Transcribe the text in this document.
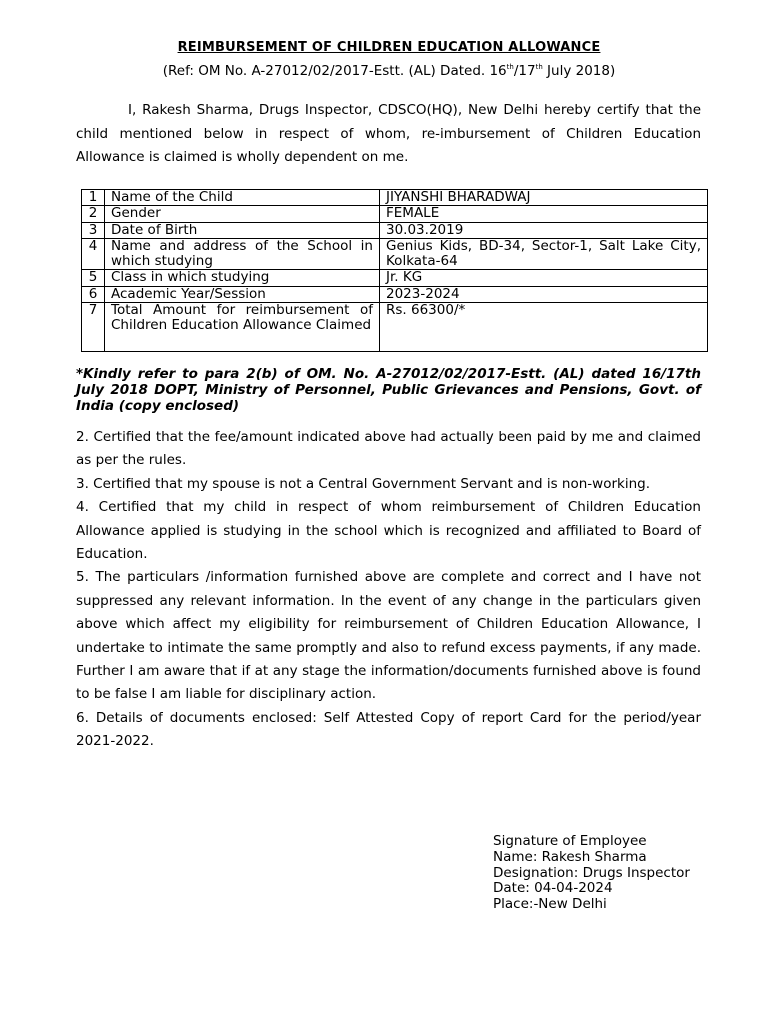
REIMBURSEMENT OF CHILDREN EDUCATION ALLOWANCE
(Ref: OM No. A-27012/02/2017-Estt. (AL) Dated. 16th/17th July 2018)

I, Rakesh Sharma, Drugs Inspector, CDSCO(HQ), New Delhi hereby certify that the child mentioned below in respect of whom, re-imbursement of Children Education Allowance is claimed is wholly dependent on me.

1	Name of the Child	JIYANSHI BHARADWAJ
2	Gender	FEMALE
3	Date of Birth	30.03.2019
4	Name and address of the School in which studying	Genius Kids, BD-34, Sector-1, Salt Lake City, Kolkata-64
5	Class in which studying	Jr. KG
6	Academic Year/Session	2023-2024
7	Total Amount for reimbursement of Children Education Allowance Claimed	Rs. 66300/*

*Kindly refer to para 2(b) of OM. No. A-27012/02/2017-Estt. (AL) dated 16/17th July 2018 DOPT, Ministry of Personnel, Public Grievances and Pensions, Govt. of India (copy enclosed)

2. Certified that the fee/amount indicated above had actually been paid by me and claimed as per the rules.

3. Certified that my spouse is not a Central Government Servant and is non-working.

4. Certified that my child in respect of whom reimbursement of Children Education Allowance applied is studying in the school which is recognized and affiliated to Board of Education.

5. The particulars /information furnished above are complete and correct and I have not suppressed any relevant information. In the event of any change in the particulars given above which affect my eligibility for reimbursement of Children Education Allowance, I undertake to intimate the same promptly and also to refund excess payments, if any made. Further I am aware that if at any stage the information/documents furnished above is found to be false I am liable for disciplinary action.

6. Details of documents enclosed: Self Attested Copy of report Card for the period/year 2021-2022.

Signature of Employee
Name: Rakesh Sharma
Designation: Drugs Inspector
Date: 04-04-2024
Place:-New Delhi
